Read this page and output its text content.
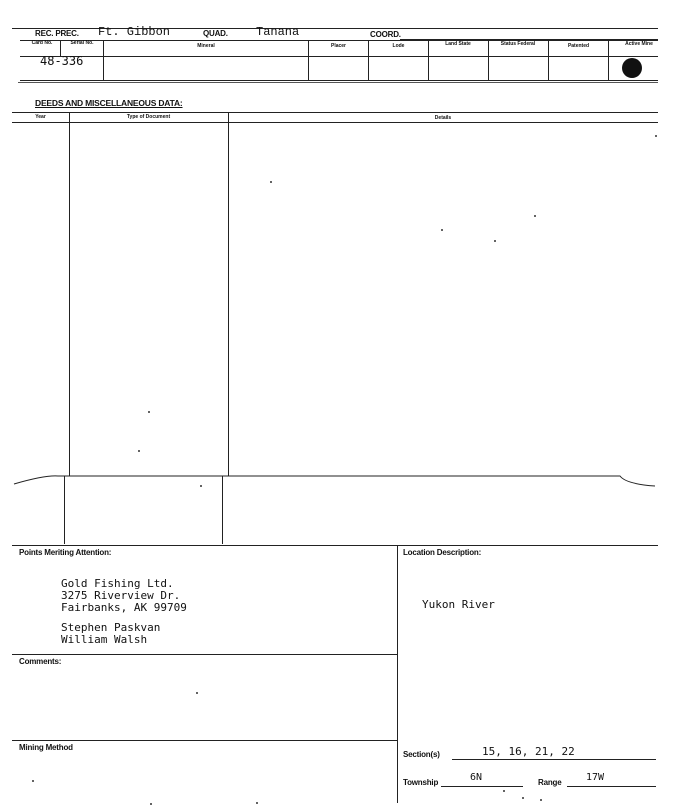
REC. PREC. Ft. Gibbon	QUAD. Tanana	COORD.
Card No.	Serial No.	Mineral	Placer	Lode	Land State	Status Federal	Patented	Active Mine
48-336
DEEDS AND MISCELLANEOUS DATA:
Year	Type of Document	Details
Points Meriting Attention:
Gold Fishing Ltd.
3275 Riverview Dr.
Fairbanks, AK 99709
Stephen Paskvan
William Walsh
Location Description:
Yukon River
Comments:
Mining Method
Section(s)	15, 16, 21, 22
Township	6N	Range 17W
